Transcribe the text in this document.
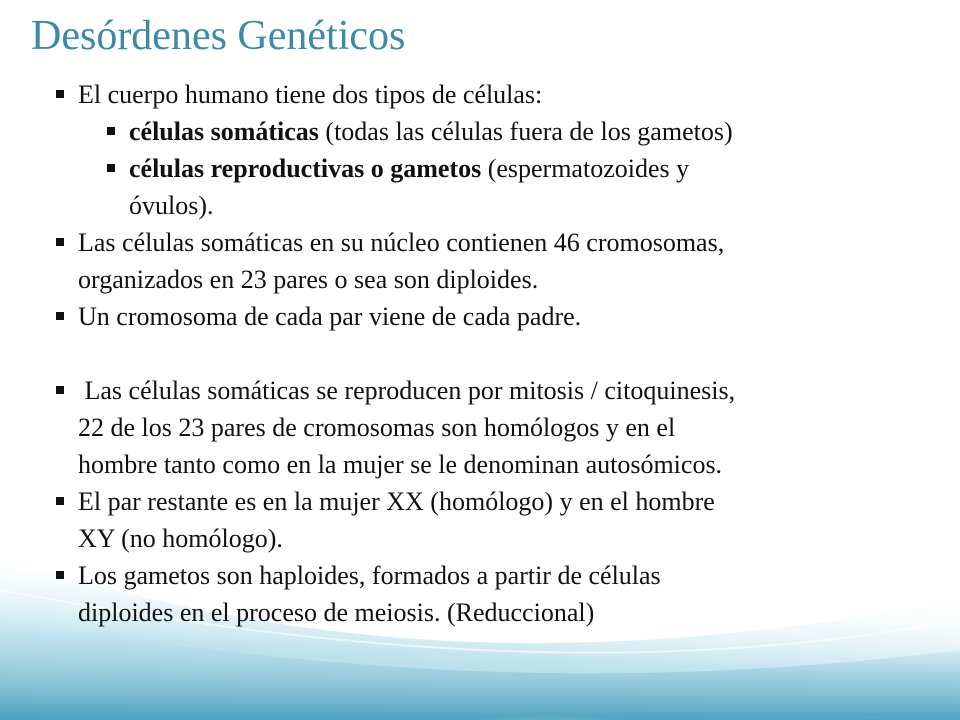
Desórdenes Genéticos
El cuerpo humano tiene dos tipos de células:
células somáticas (todas las células fuera de los gametos)
células reproductivas o gametos (espermatozoides y
óvulos).
Las células somáticas en su núcleo contienen 46 cromosomas,
organizados en 23 pares o sea son diploides.
Un cromosoma de cada par viene de cada padre.
Las células somáticas se reproducen por mitosis / citoquinesis,
22 de los 23 pares de cromosomas son homólogos y en el
hombre tanto como en la mujer se le denominan autosómicos.
El par restante es en la mujer XX (homólogo) y en el hombre
XY (no homólogo).
Los gametos son haploides, formados a partir de células
diploides en el proceso de meiosis. (Reduccional)
